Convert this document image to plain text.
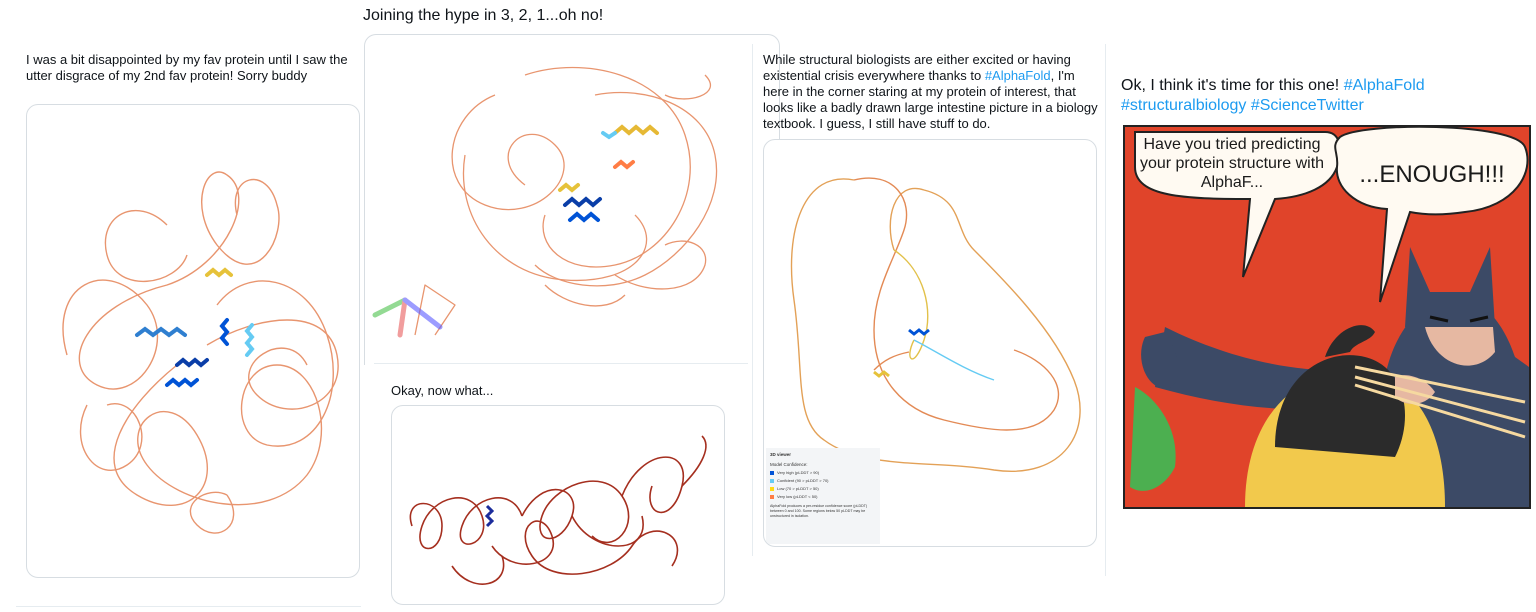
I was a bit disappointed by my fav protein until I saw the utter disgrace of my 2nd fav protein! Sorry buddy
Joining the hype in 3, 2, 1...oh no!
Okay, now what...
While structural biologists are either excited or having existential crisis everywhere thanks to #AlphaFold, I'm here in the corner staring at my protein of interest, that looks like a badly drawn large intestine picture in a biology textbook. I guess, I still have stuff to do.
3D viewer
Model Confidence:
Very high (pLDDT > 90)
Confident (90 > pLDDT > 70)
Low (70 > pLDDT > 50)
Very low (pLDDT < 50)
AlphaFold produces a per-residue confidence score (pLDDT) between 0 and 100. Some regions below 50 pLDDT may be unstructured in isolation.
Ok, I think it's time for this one! #AlphaFold
#structuralbiology #ScienceTwitter
Have you tried predicting your protein structure with AlphaF...	...ENOUGH!!!
